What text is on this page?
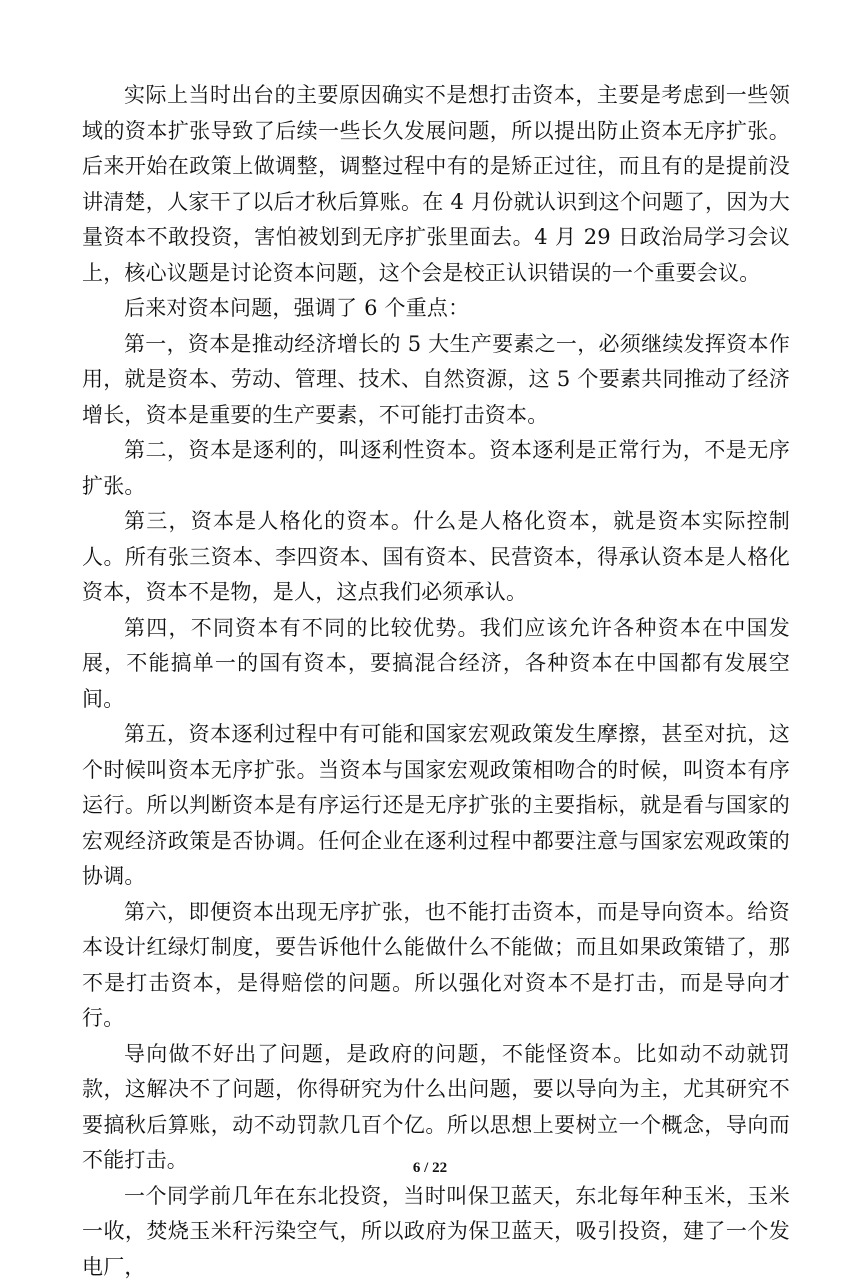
实际上当时出台的主要原因确实不是想打击资本，主要是考虑到一些领域的资本扩张导致了后续一些长久发展问题，所以提出防止资本无序扩张。后来开始在政策上做调整，调整过程中有的是矫正过往，而且有的是提前没讲清楚，人家干了以后才秋后算账。在 4 月份就认识到这个问题了，因为大量资本不敢投资，害怕被划到无序扩张里面去。4 月 29 日政治局学习会议上，核心议题是讨论资本问题，这个会是校正认识错误的一个重要会议。

后来对资本问题，强调了 6 个重点：

第一，资本是推动经济增长的 5 大生产要素之一，必须继续发挥资本作用，就是资本、劳动、管理、技术、自然资源，这 5 个要素共同推动了经济增长，资本是重要的生产要素，不可能打击资本。

第二，资本是逐利的，叫逐利性资本。资本逐利是正常行为，不是无序扩张。

第三，资本是人格化的资本。什么是人格化资本，就是资本实际控制人。所有张三资本、李四资本、国有资本、民营资本，得承认资本是人格化资本，资本不是物，是人，这点我们必须承认。

第四，不同资本有不同的比较优势。我们应该允许各种资本在中国发展，不能搞单一的国有资本，要搞混合经济，各种资本在中国都有发展空间。

第五，资本逐利过程中有可能和国家宏观政策发生摩擦，甚至对抗，这个时候叫资本无序扩张。当资本与国家宏观政策相吻合的时候，叫资本有序运行。所以判断资本是有序运行还是无序扩张的主要指标，就是看与国家的宏观经济政策是否协调。任何企业在逐利过程中都要注意与国家宏观政策的协调。

第六，即便资本出现无序扩张，也不能打击资本，而是导向资本。给资本设计红绿灯制度，要告诉他什么能做什么不能做；而且如果政策错了，那不是打击资本，是得赔偿的问题。所以强化对资本不是打击，而是导向才行。

导向做不好出了问题，是政府的问题，不能怪资本。比如动不动就罚款，这解决不了问题，你得研究为什么出问题，要以导向为主，尤其研究不要搞秋后算账，动不动罚款几百个亿。所以思想上要树立一个概念，导向而不能打击。

一个同学前几年在东北投资，当时叫保卫蓝天，东北每年种玉米，玉米一收，焚烧玉米秆污染空气，所以政府为保卫蓝天，吸引投资，建了一个发电厂，

6 / 22
